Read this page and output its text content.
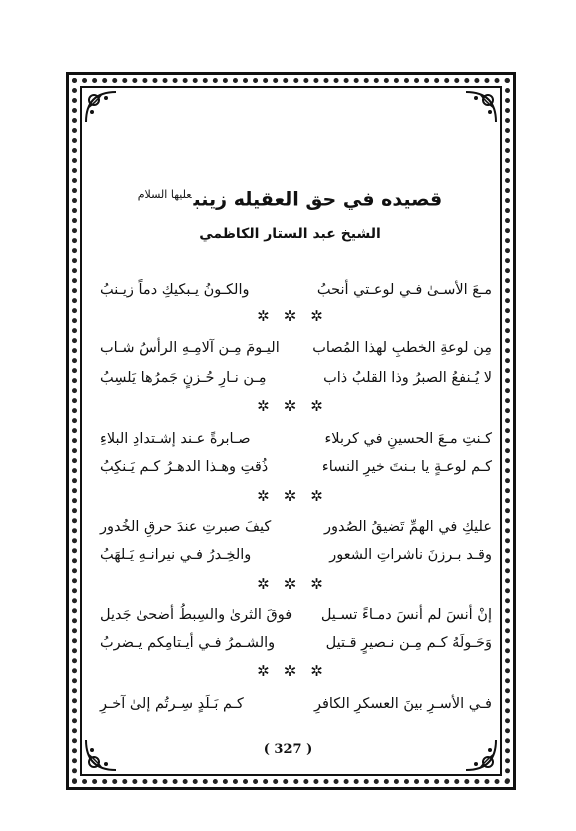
قصيده في حق العقيله زينب$^{عليها السلام}$
الشيخ عبد الستار الكاظمي
مـعَ الأسـىٰ فـي لوعـتي أنحبُ
والكـونُ يـبكيكِ دماً زيـنبُ
✲ ✲ ✲
مِن لوعةِ الخطبِ لهذا المُصاب
اليـومَ مِـن آلامِـهِ الرأسُ شـاب
لا يُـنفعُ الصبرُ وذا القلبُ ذاب
مِـن نـارِ حُـزنٍ جَمرُها يَلسِبُ
✲ ✲ ✲
كـنتِ مـعَ الحسينِ في كربلاء
صـابرةً عـند إشـتدادِ البلاءِ
كـم لوعـةٍ يا بـنتَ خيرِ النساء
ذُقتِ وهـذا الدهـرُ كـم يَـنكِبُ
✲ ✲ ✲
عليكِ في الهمِّ تَضيقُ الصُدور
كيفَ صبرتِ عندَ حرقِ الخُدور
وقـد بـرزنَ ناشراتِ الشعور
والخِـدرُ فـي نيرانـهِ يَـلهَبُ
✲ ✲ ✲
إنْ أنسَ لم أنسَ دمـاءً تسـيل
فوقَ الثرىٰ والسِبطُ أضحىٰ جَديل
وَحَـولَهُ كـم مِـن نـصيرٍ قـتيل
والشـمرُ فـي أيـتامِكم يـضربُ
✲ ✲ ✲
فـي الأسـرِ بينَ العسكرِ الكافرِ
كـم بَـلَدٍ سِـرتُم إلىٰ آخـرِ
( 327 )
